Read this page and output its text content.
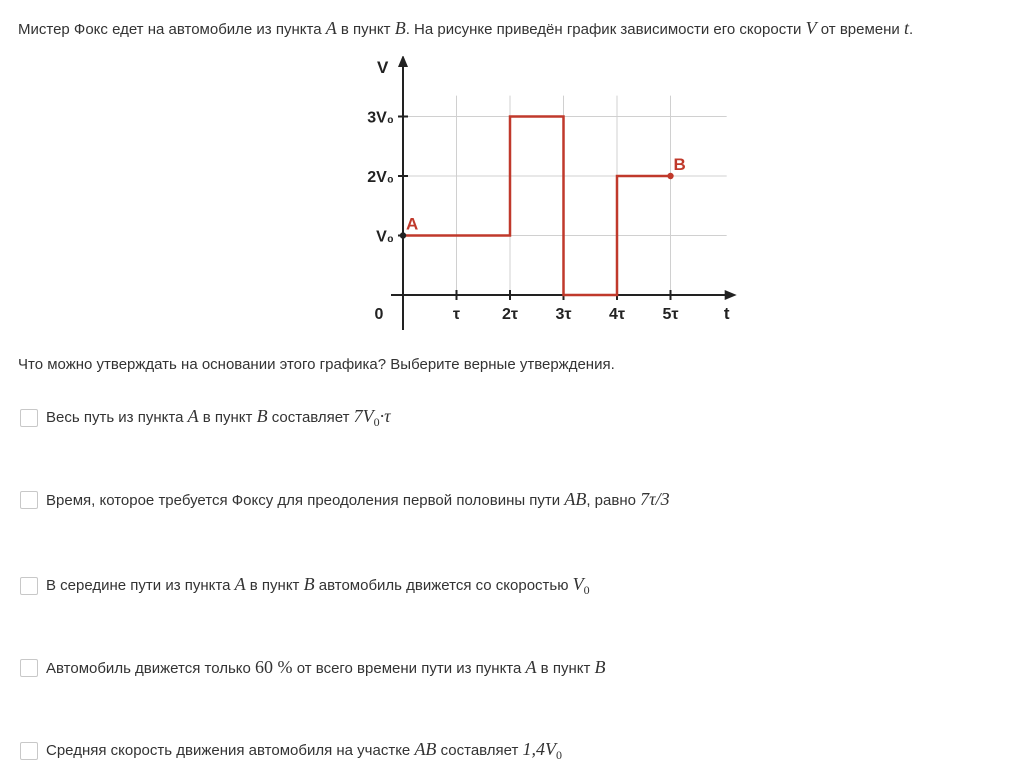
Мистер Фокс едет на автомобиле из пункта A в пункт B. На рисунке приведён график зависимости его скорости V от времени t.
0	τ	2τ 3τ 4τ 5τ
V₀
2V₀
3V₀
V
t
A
B
Что можно утверждать на основании этого графика? Выберите верные утверждения.
Весь путь из пункта A в пункт B составляет $7V_0\cdot\tau$
Время, которое требуется Фоксу для преодоления первой половины пути AB, равно 7τ/3
В середине пути из пункта A в пункт B автомобиль движется со скоростью $V_0$
Автомобиль движется только 60 % от всего времени пути из пункта A в пункт B
Средняя скорость движения автомобиля на участке AB составляет $1,4V_0$
